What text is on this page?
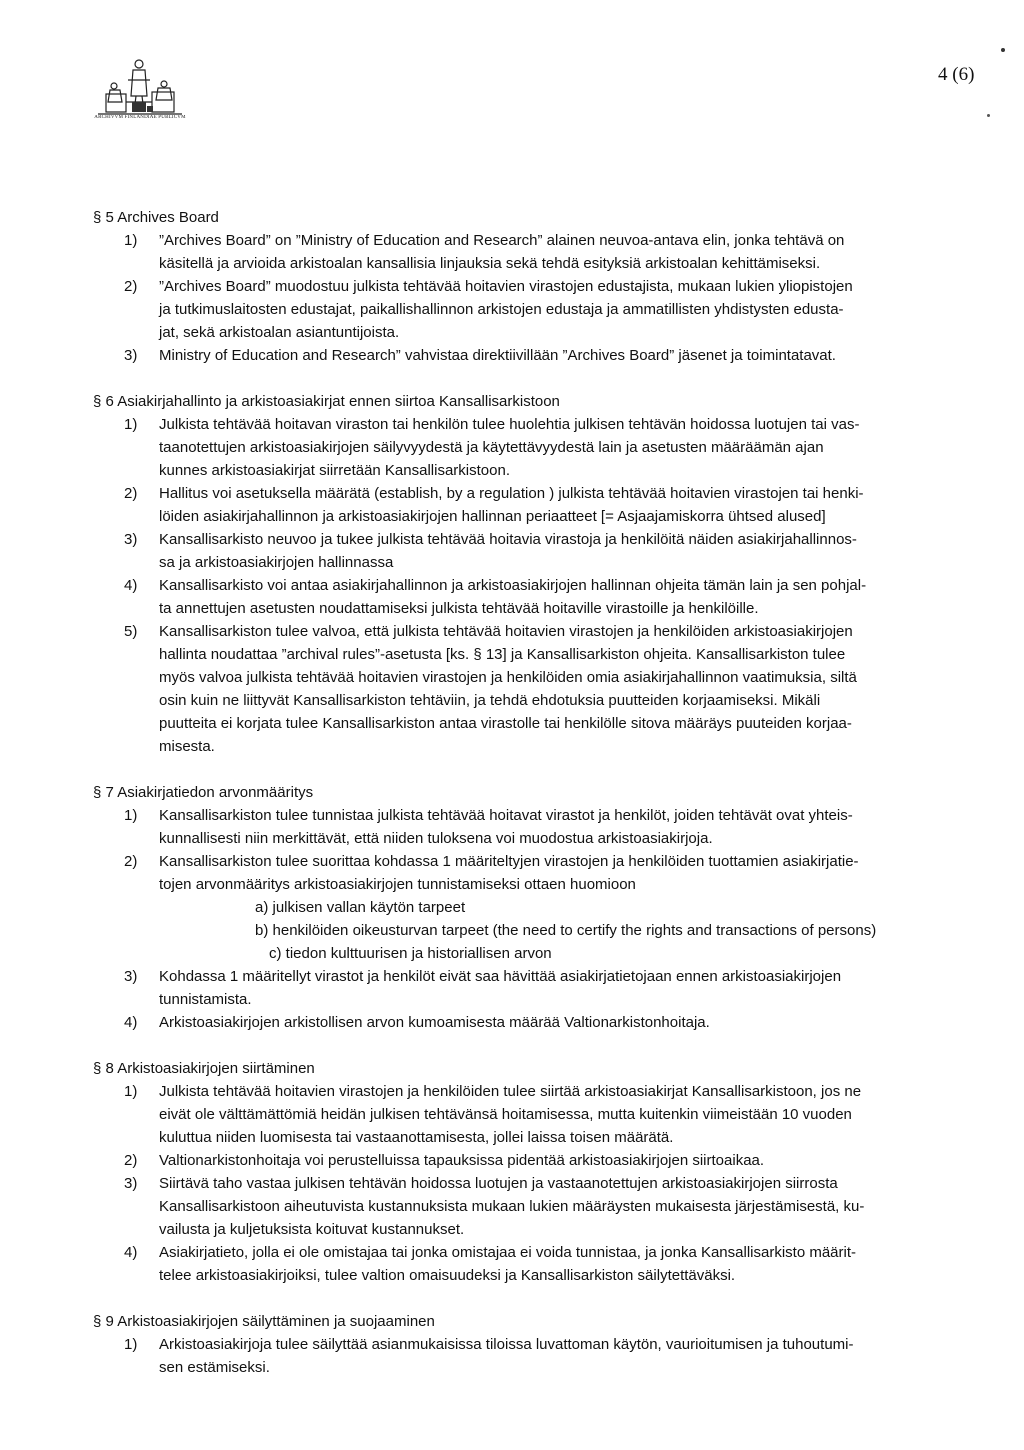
ARCHIVVM FINLANDIAE PUBLICVM
4 (6)
§ 5 Archives Board
1) ”Archives Board” on ”Ministry of Education and Research” alainen neuvoa-antava elin, jonka tehtävä on
käsitellä ja arvioida arkistoalan kansallisia linjauksia sekä tehdä esityksiä arkistoalan kehittämiseksi.
2) ”Archives Board” muodostuu julkista tehtävää hoitavien virastojen edustajista, mukaan lukien yliopistojen
ja tutkimuslaitosten edustajat, paikallishallinnon arkistojen edustaja ja ammatillisten yhdistysten edusta-
jat, sekä arkistoalan asiantuntijoista.
3) Ministry of Education and Research” vahvistaa direktiivillään ”Archives Board” jäsenet ja toimintatavat.
§ 6 Asiakirjahallinto ja arkistoasiakirjat ennen siirtoa Kansallisarkistoon
1) Julkista tehtävää hoitavan viraston tai henkilön tulee huolehtia julkisen tehtävän hoidossa luotujen tai vas-
taanotettujen arkistoasiakirjojen säilyvyydestä ja käytettävyydestä lain ja asetusten määräämän ajan
kunnes arkistoasiakirjat siirretään Kansallisarkistoon.
2) Hallitus voi asetuksella määrätä (establish, by a regulation ) julkista tehtävää hoitavien virastojen tai henki-
löiden asiakirjahallinnon ja arkistoasiakirjojen hallinnan periaatteet [= Asjaajamiskorra ühtsed alused]
3) Kansallisarkisto neuvoo ja tukee julkista tehtävää hoitavia virastoja ja henkilöitä näiden asiakirjahallinnos-
sa ja arkistoasiakirjojen hallinnassa
4) Kansallisarkisto voi antaa asiakirjahallinnon ja arkistoasiakirjojen hallinnan ohjeita tämän lain ja sen pohjal-
ta annettujen asetusten noudattamiseksi julkista tehtävää hoitaville virastoille ja henkilöille.
5) Kansallisarkiston tulee valvoa, että julkista tehtävää hoitavien virastojen ja henkilöiden arkistoasiakirjojen
hallinta noudattaa ”archival rules”-asetusta [ks. § 13] ja Kansallisarkiston ohjeita. Kansallisarkiston tulee
myös valvoa julkista tehtävää hoitavien virastojen ja henkilöiden omia asiakirjahallinnon vaatimuksia, siltä
osin kuin ne liittyvät Kansallisarkiston tehtäviin, ja tehdä ehdotuksia puutteiden korjaamiseksi. Mikäli
puutteita ei korjata tulee Kansallisarkiston antaa virastolle tai henkilölle sitova määräys puuteiden korjaa-
misesta.
§ 7 Asiakirjatiedon arvonmääritys
1) Kansallisarkiston tulee tunnistaa julkista tehtävää hoitavat virastot ja henkilöt, joiden tehtävät ovat yhteis-
kunnallisesti niin merkittävät, että niiden tuloksena voi muodostua arkistoasiakirjoja.
2) Kansallisarkiston tulee suorittaa kohdassa 1 määriteltyjen virastojen ja henkilöiden tuottamien asiakirjatie-
tojen arvonmääritys arkistoasiakirjojen tunnistamiseksi ottaen huomioon
a) julkisen vallan käytön tarpeet
b) henkilöiden oikeusturvan tarpeet (the need to certify the rights and transactions of persons)
c) tiedon kulttuurisen ja historiallisen arvon
3) Kohdassa 1 määritellyt virastot ja henkilöt eivät saa hävittää asiakirjatietojaan ennen arkistoasiakirjojen
tunnistamista.
4) Arkistoasiakirjojen arkistollisen arvon kumoamisesta määrää Valtionarkistonhoitaja.
§ 8 Arkistoasiakirjojen siirtäminen
1) Julkista tehtävää hoitavien virastojen ja henkilöiden tulee siirtää arkistoasiakirjat Kansallisarkistoon, jos ne
eivät ole välttämättömiä heidän julkisen tehtävänsä hoitamisessa, mutta kuitenkin viimeistään 10 vuoden
kuluttua niiden luomisesta tai vastaanottamisesta, jollei laissa toisen määrätä.
2) Valtionarkistonhoitaja voi perustelluissa tapauksissa pidentää arkistoasiakirjojen siirtoaikaa.
3) Siirtävä taho vastaa julkisen tehtävän hoidossa luotujen ja vastaanotettujen arkistoasiakirjojen siirrosta
Kansallisarkistoon aiheutuvista kustannuksista mukaan lukien määräysten mukaisesta järjestämisestä, ku-
vailusta ja kuljetuksista koituvat kustannukset.
4) Asiakirjatieto, jolla ei ole omistajaa tai jonka omistajaa ei voida tunnistaa, ja jonka Kansallisarkisto määrit-
telee arkistoasiakirjoiksi, tulee valtion omaisuudeksi ja Kansallisarkiston säilytettäväksi.
§ 9 Arkistoasiakirjojen säilyttäminen ja suojaaminen
1) Arkistoasiakirjoja tulee säilyttää asianmukaisissa tiloissa luvattoman käytön, vaurioitumisen ja tuhoutumi-
sen estämiseksi.
